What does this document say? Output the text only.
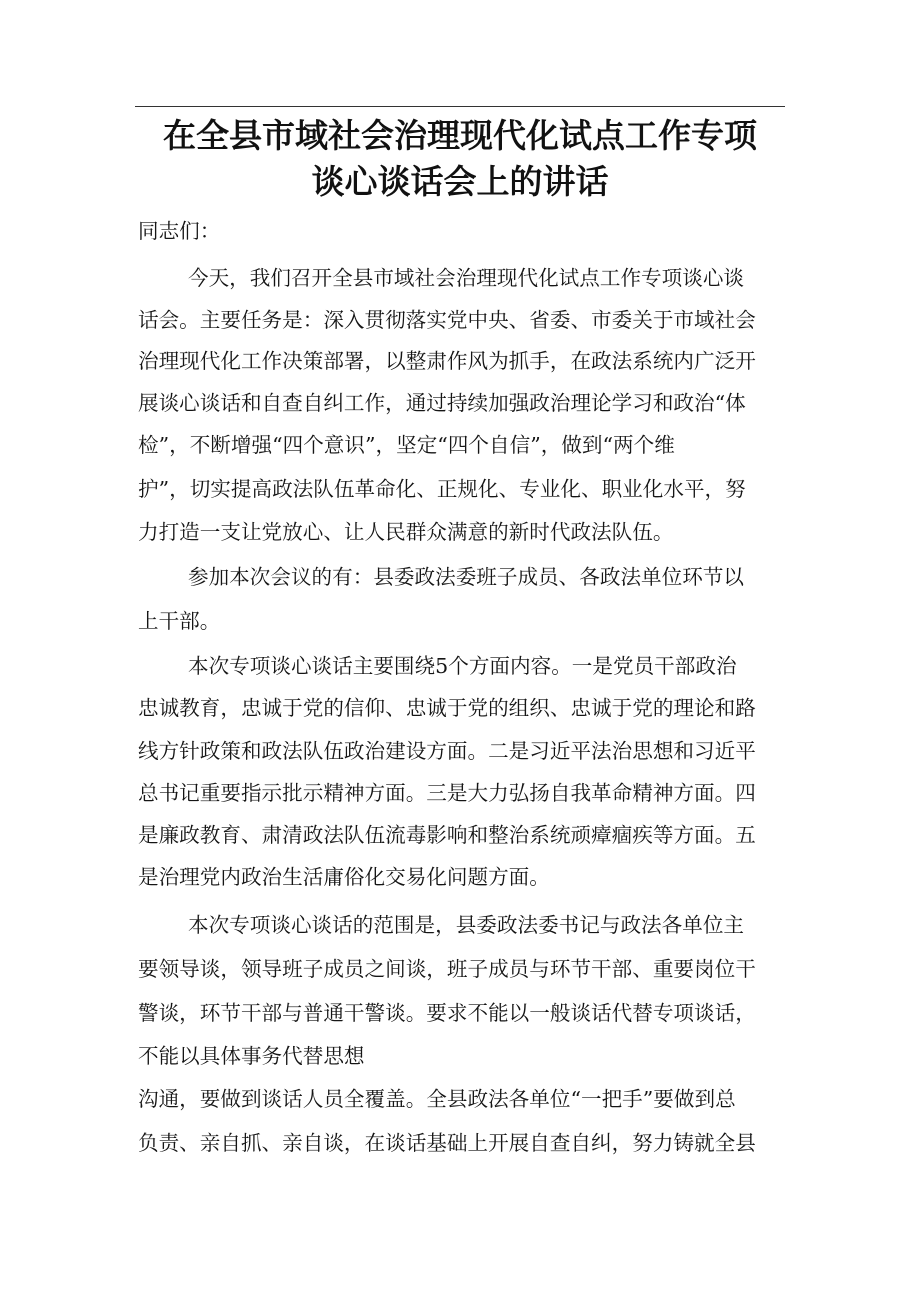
在全县市域社会治理现代化试点工作专项
谈心谈话会上的讲话
同志们：
今天，我们召开全县市域社会治理现代化试点工作专项谈心谈
话会。主要任务是：深入贯彻落实党中央、省委、市委关于市域社会
治理现代化工作决策部署，以整肃作风为抓手，在政法系统内广泛开
展谈心谈话和自查自纠工作，通过持续加强政治理论学习和政治“体
检”，不断增强“四个意识”，坚定“四个自信”，做到“两个维
护”，切实提高政法队伍革命化、正规化、专业化、职业化水平，努
力打造一支让党放心、让人民群众满意的新时代政法队伍。
参加本次会议的有：县委政法委班子成员、各政法单位环节以
上干部。
本次专项谈心谈话主要围绕5个方面内容。一是党员干部政治
忠诚教育，忠诚于党的信仰、忠诚于党的组织、忠诚于党的理论和路
线方针政策和政法队伍政治建设方面。二是习近平法治思想和习近平
总书记重要指示批示精神方面。三是大力弘扬自我革命精神方面。四
是廉政教育、肃清政法队伍流毒影响和整治系统顽瘴痼疾等方面。五
是治理党内政治生活庸俗化交易化问题方面。
本次专项谈心谈话的范围是，县委政法委书记与政法各单位主
要领导谈，领导班子成员之间谈，班子成员与环节干部、重要岗位干
警谈，环节干部与普通干警谈。要求不能以一般谈话代替专项谈话，
不能以具体事务代替思想
沟通，要做到谈话人员全覆盖。全县政法各单位“一把手”要做到总
负责、亲自抓、亲自谈，在谈话基础上开展自查自纠，努力铸就全县
